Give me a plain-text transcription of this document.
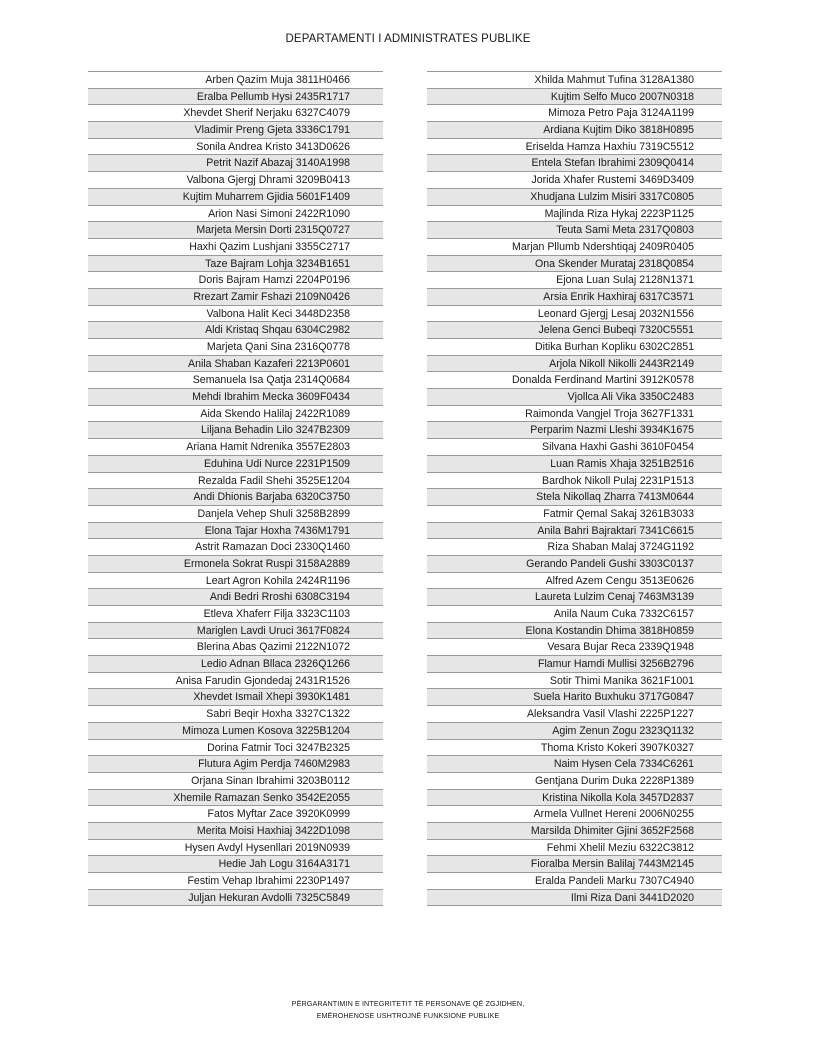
DEPARTAMENTI I ADMINISTRATES PUBLIKE
Arben Qazim Muja 3811H0466
Eralba Pellumb Hysi 2435R1717
Xhevdet Sherif Nerjaku 6327C4079
Vladimir Preng Gjeta 3336C1791
Sonila Andrea Kristo 3413D0626
Petrit Nazif Abazaj 3140A1998
Valbona Gjergj Dhrami 3209B0413
Kujtim Muharrem Gjidia 5601F1409
Arion Nasi Simoni 2422R1090
Marjeta Mersin Dorti 2315Q0727
Haxhi Qazim Lushjani 3355C2717
Taze Bajram Lohja 3234B1651
Doris Bajram Hamzi 2204P0196
Rrezart Zamir Fshazi 2109N0426
Valbona Halit Keci 3448D2358
Aldi Kristaq Shqau 6304C2982
Marjeta Qani Sina 2316Q0778
Anila Shaban Kazaferi 2213P0601
Semanuela Isa Qatja 2314Q0684
Mehdi Ibrahim Mecka 3609F0434
Aida Skendo Halilaj 2422R1089
Liljana Behadin Lilo 3247B2309
Ariana Hamit Ndrenika 3557E2803
Eduhina Udi Nurce 2231P1509
Rezalda Fadil Shehi 3525E1204
Andi Dhionis Barjaba 6320C3750
Danjela Vehep Shuli 3258B2899
Elona Tajar Hoxha 7436M1791
Astrit Ramazan Doci 2330Q1460
Ermonela Sokrat Ruspi 3158A2889
Leart Agron Kohila 2424R1196
Andi Bedri Rroshi 6308C3194
Etleva Xhaferr Filja 3323C1103
Mariglen Lavdi Uruci 3617F0824
Blerina Abas Qazimi 2122N1072
Ledio Adnan Bllaca 2326Q1266
Anisa Farudin Gjondedaj 2431R1526
Xhevdet Ismail Xhepi 3930K1481
Sabri Beqir Hoxha 3327C1322
Mimoza Lumen Kosova 3225B1204
Dorina Fatmir Toci 3247B2325
Flutura Agim Perdja 7460M2983
Orjana Sinan Ibrahimi 3203B0112
Xhemile Ramazan Senko 3542E2055
Fatos Myftar Zace 3920K0999
Merita Moisi Haxhiaj 3422D1098
Hysen Avdyl Hysenllari 2019N0939
Hedie Jah Logu 3164A3171
Festim Vehap Ibrahimi 2230P1497
Juljan Hekuran Avdolli 7325C5849
Xhilda Mahmut Tufina 3128A1380
Kujtim Selfo Muco 2007N0318
Mimoza Petro Paja 3124A1199
Ardiana Kujtim Diko 3818H0895
Eriselda Hamza Haxhiu 7319C5512
Entela Stefan Ibrahimi 2309Q0414
Jorida Xhafer Rustemi 3469D3409
Xhudjana Lulzim Misiri 3317C0805
Majlinda Riza Hykaj 2223P1125
Teuta Sami Meta 2317Q0803
Marjan Pllumb Ndershtiqaj 2409R0405
Ona Skender Murataj 2318Q0854
Ejona Luan Sulaj 2128N1371
Arsia Enrik Haxhiraj 6317C3571
Leonard Gjergj Lesaj 2032N1556
Jelena Genci Bubeqi 7320C5551
Ditika Burhan Kopliku 6302C2851
Arjola Nikoll Nikolli 2443R2149
Donalda Ferdinand Martini 3912K0578
Vjollca Ali Vika 3350C2483
Raimonda Vangjel Troja 3627F1331
Perparim Nazmi Lleshi 3934K1675
Silvana Haxhi Gashi 3610F0454
Luan Ramis Xhaja 3251B2516
Bardhok Nikoll Pulaj 2231P1513
Stela Nikollaq Zharra 7413M0644
Fatmir Qemal Sakaj 3261B3033
Anila Bahri Bajraktari 7341C6615
Riza Shaban Malaj 3724G1192
Gerando Pandeli Gushi 3303C0137
Alfred Azem Cengu 3513E0626
Laureta Lulzim Cenaj 7463M3139
Anila Naum Cuka 7332C6157
Elona Kostandin Dhima 3818H0859
Vesara Bujar Reca 2339Q1948
Flamur Hamdi Mullisi 3256B2796
Sotir Thimi Manika 3621F1001
Suela Harito Buxhuku 3717G0847
Aleksandra Vasil Vlashi 2225P1227
Agim Zenun Zogu 2323Q1132
Thoma Kristo Kokeri 3907K0327
Naim Hysen Cela 7334C6261
Gentjana Durim Duka 2228P1389
Kristina Nikolla Kola 3457D2837
Armela Vullnet Hereni 2006N0255
Marsilda Dhimiter Gjini 3652F2568
Fehmi Xhelil Meziu 6322C3812
Fioralba Mersin Balilaj 7443M2145
Eralda Pandeli Marku 7307C4940
Ilmi Riza Dani 3441D2020
PËRGARANTIMIN E INTEGRITETIT TË PERSONAVE QË ZGJIDHEN,
EMËROHENOSE USHTROJNË FUNKSIONE PUBLIKE
